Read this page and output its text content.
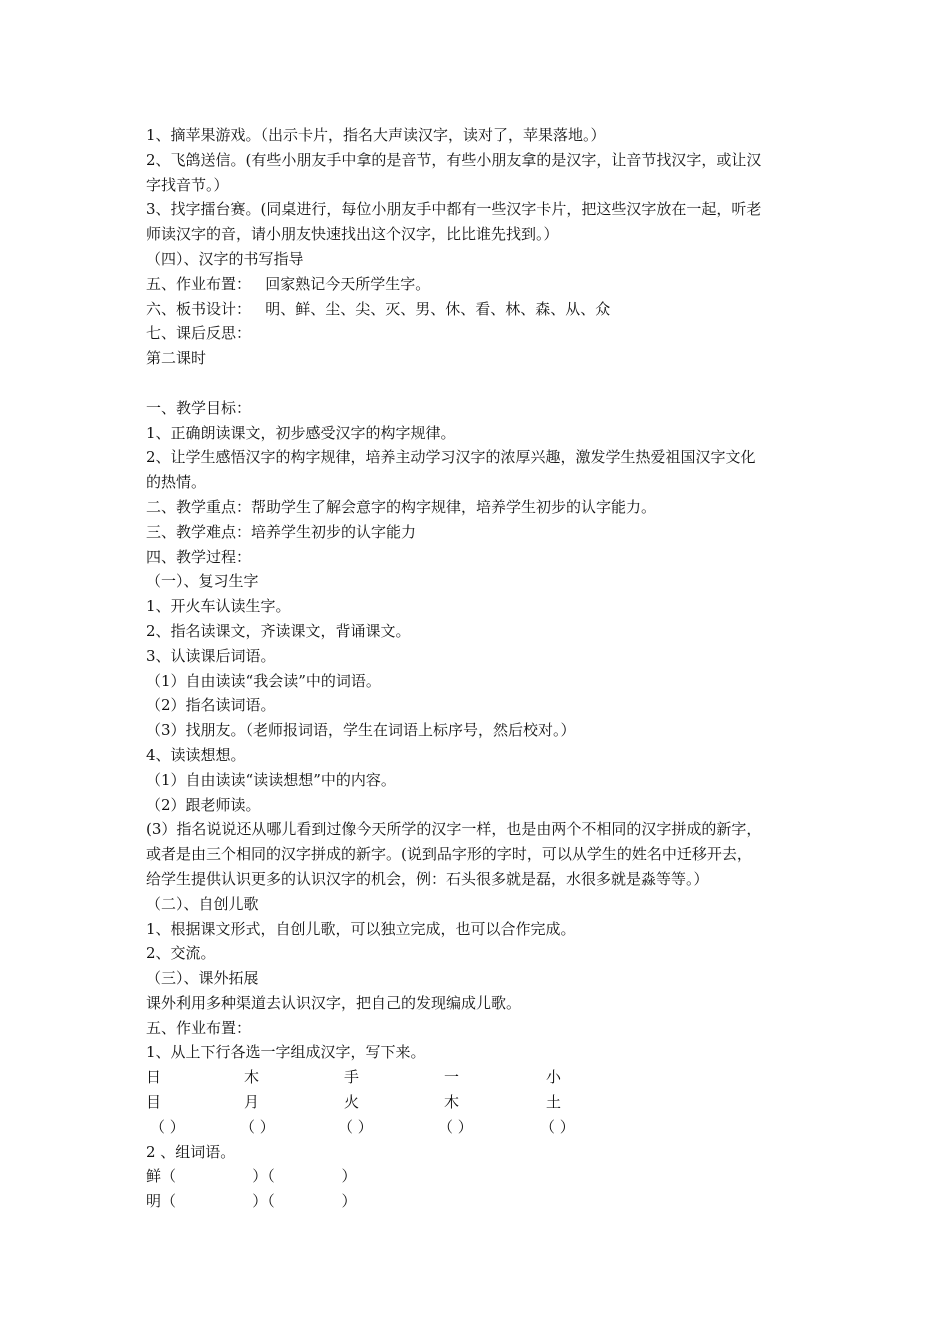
1、摘苹果游戏。（出示卡片，指名大声读汉字，读对了，苹果落地。）
2、飞鸽送信。(有些小朋友手中拿的是音节，有些小朋友拿的是汉字，让音节找汉字，或让汉
字找音节。）
3、找字擂台赛。(同桌进行，每位小朋友手中都有一些汉字卡片，把这些汉字放在一起，听老
师读汉字的音，请小朋友快速找出这个汉字，比比谁先找到。）
（四）、汉字的书写指导
五、作业布置：   回家熟记今天所学生字。
六、板书设计：   明、鲜、尘、尖、灭、男、休、看、林、森、从、众
七、课后反思：
第二课时
一、教学目标：
1、正确朗读课文，初步感受汉字的构字规律。
2、让学生感悟汉字的构字规律，培养主动学习汉字的浓厚兴趣，激发学生热爱祖国汉字文化
的热情。
二、教学重点：帮助学生了解会意字的构字规律，培养学生初步的认字能力。
三、教学难点：培养学生初步的认字能力
四、教学过程：
（一）、复习生字
1、开火车认读生字。
2、指名读课文，齐读课文，背诵课文。
3、认读课后词语。
（1）自由读读“我会读”中的词语。
（2）指名读词语。
（3）找朋友。（老师报词语，学生在词语上标序号，然后校对。）
4、读读想想。
（1）自由读读“读读想想”中的内容。
（2）跟老师读。
(3）指名说说还从哪儿看到过像今天所学的汉字一样，也是由两个不相同的汉字拼成的新字，
或者是由三个相同的汉字拼成的新字。(说到品字形的字时，可以从学生的姓名中迁移开去，
给学生提供认识更多的认识汉字的机会，例：石头很多就是磊，水很多就是淼等等。）
（二）、自创儿歌
1、根据课文形式，自创儿歌，可以独立完成，也可以合作完成。
2、交流。
（三）、课外拓展
课外利用多种渠道去认识汉字，把自己的发现编成儿歌。
五、作业布置：
1、从上下行各选一字组成汉字，写下来。
日	木	手	一	小
目	月	火	木	土
（ ）	（ ）	（ ）	（ ）	（ ）
2 、组词语。
鲜（                ）（              ）
明（                ）（              ）
